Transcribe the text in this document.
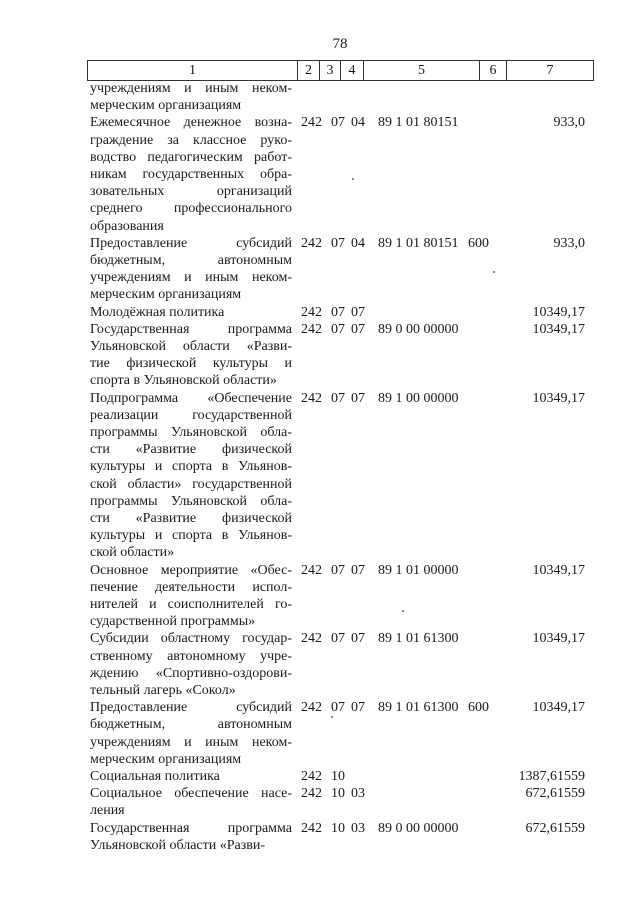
78
1	2	3	4	5	6	7
учреждениям и иным неком-
мерческим организациям
Ежемесячное денежное возна-
граждение за классное руко-
водство педагогическим работ-
никам государственных обра-
зовательных организаций
среднего профессионального
образования
242 07 04 89 1 01 80151	933,0
Предоставление субсидий
бюджетным, автономным
учреждениям и иным неком-
мерческим организациям
242 07 04 89 1 01 80151 600	933,0
Молодёжная политика	242 07 07	10349,17
Государственная программа
Ульяновской области «Разви-
тие физической культуры и
спорта в Ульяновской области»
242 07 07 89 0 00 00000	10349,17
Подпрограмма «Обеспечение
реализации государственной
программы Ульяновской обла-
сти «Развитие физической
культуры и спорта в Ульянов-
ской области» государственной
программы Ульяновской обла-
сти «Развитие физической
культуры и спорта в Ульянов-
ской области»
242 07 07 89 1 00 00000	10349,17
Основное мероприятие «Обес-
печение деятельности испол-
нителей и соисполнителей го-
сударственной программы»
242 07 07 89 1 01 00000	10349,17
Субсидии областному государ-
ственному автономному учре-
ждению «Спортивно-оздорови-
тельный лагерь «Сокол»
242 07 07 89 1 01 61300	10349,17
Предоставление субсидий
бюджетным, автономным
учреждениям и иным неком-
мерческим организациям
242 07 07 89 1 01 61300 600	10349,17
Социальная политика	242 10	1387,61559
Социальное обеспечение насе-
ления
242 10 03	672,61559
Государственная программа
Ульяновской области «Разви-
242 10 03 89 0 00 00000	672,61559
